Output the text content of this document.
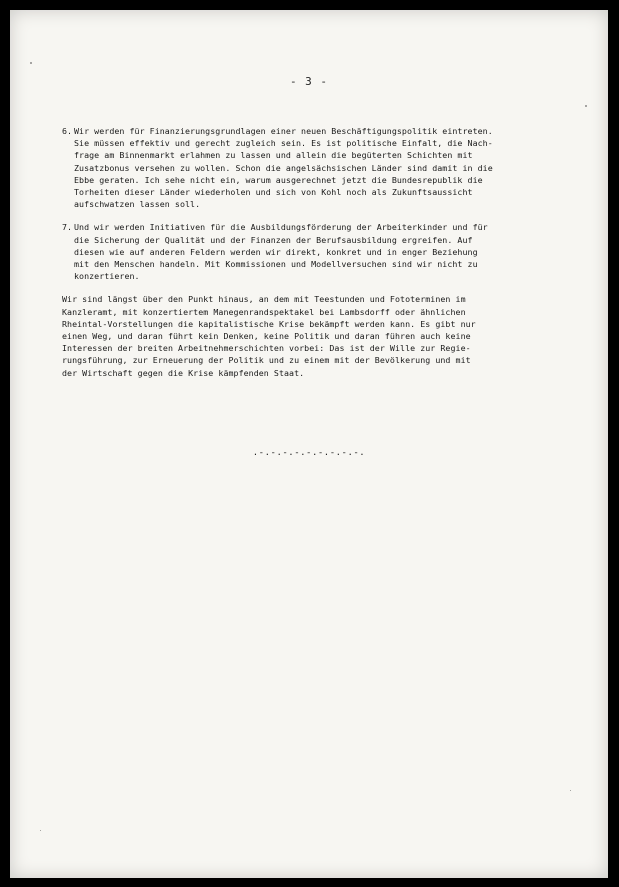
- 3 -
6. Wir werden für Finanzierungsgrundlagen einer neuen Beschäftigungspolitik eintreten.
Sie müssen effektiv und gerecht zugleich sein. Es ist politische Einfalt, die Nach-
frage am Binnenmarkt erlahmen zu lassen und allein die begüterten Schichten mit
Zusatzbonus versehen zu wollen. Schon die angelsächsischen Länder sind damit in die
Ebbe geraten. Ich sehe nicht ein, warum ausgerechnet jetzt die Bundesrepublik die
Torheiten dieser Länder wiederholen und sich von Kohl noch als Zukunftsaussicht
aufschwatzen lassen soll.
7. Und wir werden Initiativen für die Ausbildungsförderung der Arbeiterkinder und für
die Sicherung der Qualität und der Finanzen der Berufsausbildung ergreifen. Auf
diesen wie auf anderen Feldern werden wir direkt, konkret und in enger Beziehung
mit den Menschen handeln. Mit Kommissionen und Modellversuchen sind wir nicht zu
konzertieren.
Wir sind längst über den Punkt hinaus, an dem mit Teestunden und Fototerminen im
Kanzleramt, mit konzertiertem Manegenrandspektakel bei Lambsdorff oder ähnlichen
Rheintal-Vorstellungen die kapitalistische Krise bekämpft werden kann. Es gibt nur
einen Weg, und daran führt kein Denken, keine Politik und daran führen auch keine
Interessen der breiten Arbeitnehmerschichten vorbei: Das ist der Wille zur Regie-
rungsführung, zur Erneuerung der Politik und zu einem mit der Bevölkerung und mit
der Wirtschaft gegen die Krise kämpfenden Staat.
.-.-.-.-.-.-.-.-.-.
